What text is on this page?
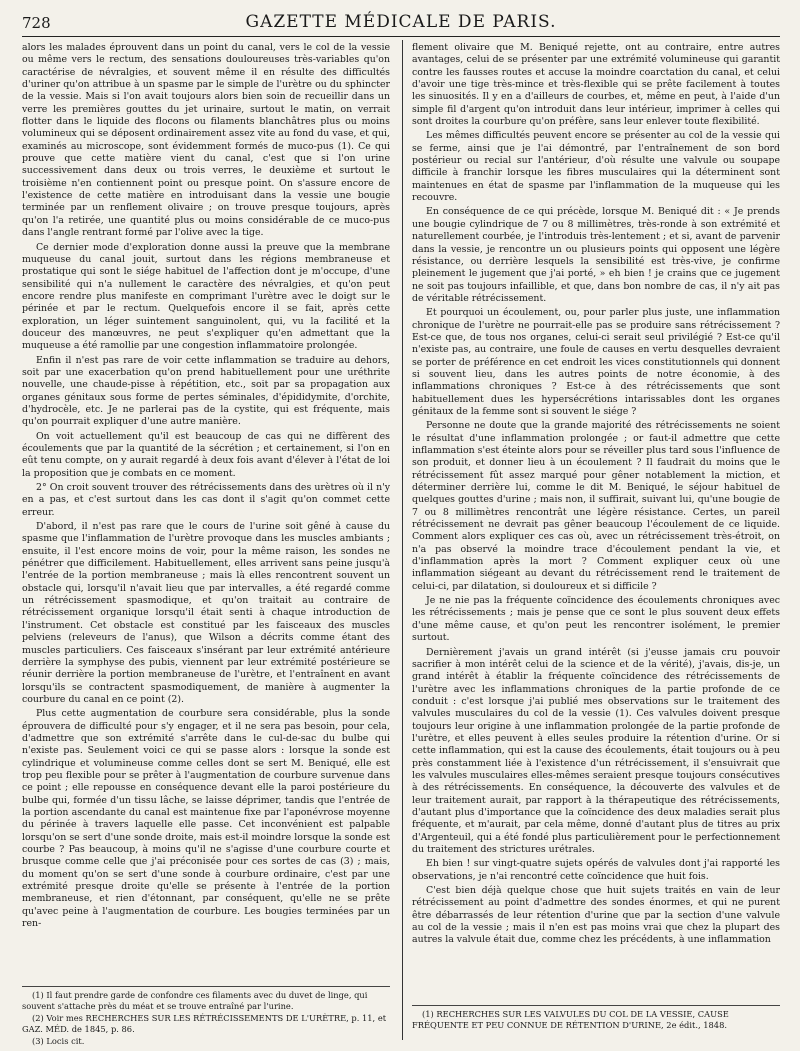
728	GAZETTE MÉDICALE DE PARIS.

alors les malades éprouvent dans un point du canal, vers le col de la vessie ou même vers le rectum, des sensations douloureuses très-variables qu'on caractérise de névralgies, et souvent même il en résulte des difficultés d'uriner qu'on attribue à un spasme par le simple de l'urètre ou du sphincter de la vessie. Mais si l'on avait toujours alors bien soin de recueillir dans un verre les premières gouttes du jet urinaire, surtout le matin, on verrait flotter dans le liquide des flocons ou filaments blanchâtres plus ou moins volumineux qui se déposent ordinairement assez vite au fond du vase, et qui, examinés au microscope, sont évidemment formés de muco-pus (1). Ce qui prouve que cette matière vient du canal, c'est que si l'on urine successivement dans deux ou trois verres, le deuxième et surtout le troisième n'en contiennent point ou presque point. On s'assure encore de l'existence de cette matière en introduisant dans la vessie une bougie terminée par un renflement olivaire ; on trouve presque toujours, après qu'on l'a retirée, une quantité plus ou moins considérable de ce muco-pus dans l'angle rentrant formé par l'olive avec la tige.

Ce dernier mode d'exploration donne aussi la preuve que la membrane muqueuse du canal jouit, surtout dans les régions membraneuse et prostatique qui sont le siége habituel de l'affection dont je m'occupe, d'une sensibilité qui n'a nullement le caractère des névralgies, et qu'on peut encore rendre plus manifeste en comprimant l'urètre avec le doigt sur le périnée et par le rectum. Quelquefois encore il se fait, après cette exploration, un léger suintement sanguinolent, qui, vu la facilité et la douceur des manœuvres, ne peut s'expliquer qu'en admettant que la muqueuse a été ramollie par une congestion inflammatoire prolongée.

Enfin il n'est pas rare de voir cette inflammation se traduire au dehors, soit par une exacerbation qu'on prend habituellement pour une uréthrite nouvelle, une chaude-pisse à répétition, etc., soit par sa propagation aux organes génitaux sous forme de pertes séminales, d'épididymite, d'orchite, d'hydrocèle, etc. Je ne parlerai pas de la cystite, qui est fréquente, mais qu'on pourrait expliquer d'une autre manière.

On voit actuellement qu'il est beaucoup de cas qui ne diffèrent des écoulements que par la quantité de la sécrétion ; et certainement, si l'on en eût tenu compte, on y aurait regardé à deux fois avant d'élever à l'état de loi la proposition que je combats en ce moment.

2° On croit souvent trouver des rétrécissements dans des urètres où il n'y en a pas, et c'est surtout dans les cas dont il s'agit qu'on commet cette erreur.

D'abord, il n'est pas rare que le cours de l'urine soit gêné à cause du spasme que l'inflammation de l'urètre provoque dans les muscles ambiants ; ensuite, il l'est encore moins de voir, pour la même raison, les sondes ne pénétrer que difficilement. Habituellement, elles arrivent sans peine jusqu'à l'entrée de la portion membraneuse ; mais là elles rencontrent souvent un obstacle qui, lorsqu'il n'avait lieu que par intervalles, a été regardé comme un rétrécissement spasmodique, et qu'on traitait au contraire de rétrécissement organique lorsqu'il était senti à chaque introduction de l'instrument. Cet obstacle est constitué par les faisceaux des muscles pelviens (releveurs de l'anus), que Wilson a décrits comme étant des muscles particuliers. Ces faisceaux s'insérant par leur extrémité antérieure derrière la symphyse des pubis, viennent par leur extrémité postérieure se réunir derrière la portion membraneuse de l'urètre, et l'entraînent en avant lorsqu'ils se contractent spasmodiquement, de manière à augmenter la courbure du canal en ce point (2).

Plus cette augmentation de courbure sera considérable, plus la sonde éprouvera de difficulté pour s'y engager, et il ne sera pas besoin, pour cela, d'admettre que son extrémité s'arrête dans le cul-de-sac du bulbe qui n'existe pas. Seulement voici ce qui se passe alors : lorsque la sonde est cylindrique et volumineuse comme celles dont se sert M. Beniqué, elle est trop peu flexible pour se prêter à l'augmentation de courbure survenue dans ce point ; elle repousse en conséquence devant elle la paroi postérieure du bulbe qui, formée d'un tissu lâche, se laisse déprimer, tandis que l'entrée de la portion ascendante du canal est maintenue fixe par l'aponévrose moyenne du périnée à travers laquelle elle passe. Cet inconvénient est palpable lorsqu'on se sert d'une sonde droite, mais est-il moindre lorsque la sonde est courbe ? Pas beaucoup, à moins qu'il ne s'agisse d'une courbure courte et brusque comme celle que j'ai préconisée pour ces sortes de cas (3) ; mais, du moment qu'on se sert d'une sonde à courbure ordinaire, c'est par une extrémité presque droite qu'elle se présente à l'entrée de la portion membraneuse, et rien d'étonnant, par conséquent, qu'elle ne se prête qu'avec peine à l'augmentation de courbure. Les bougies terminées par un ren-

flement olivaire que M. Beniqué rejette, ont au contraire, entre autres avantages, celui de se présenter par une extrémité volumineuse qui garantit contre les fausses routes et accuse la moindre coarctation du canal, et celui d'avoir une tige très-mince et très-flexible qui se prête facilement à toutes les sinuosités. Il y en a d'ailleurs de courbes, et, même en peut, à l'aide d'un simple fil d'argent qu'on introduit dans leur intérieur, imprimer à celles qui sont droites la courbure qu'on préfère, sans leur enlever toute flexibilité.

Les mêmes difficultés peuvent encore se présenter au col de la vessie qui se ferme, ainsi que je l'ai démontré, par l'entraînement de son bord postérieur ou recial sur l'antérieur, d'où résulte une valvule ou soupape difficile à franchir lorsque les fibres musculaires qui la déterminent sont maintenues en état de spasme par l'inflammation de la muqueuse qui les recouvre.

En conséquence de ce qui précède, lorsque M. Beniqué dit : « Je prends une bougie cylindrique de 7 ou 8 millimètres, très-ronde à son extrémité et naturellement courbée, je l'introduis très-lentement ; et si, avant de parvenir dans la vessie, je rencontre un ou plusieurs points qui opposent une légère résistance, ou derrière lesquels la sensibilité est très-vive, je confirme pleinement le jugement que j'ai porté, » eh bien ! je crains que ce jugement ne soit pas toujours infaillible, et que, dans bon nombre de cas, il n'y ait pas de véritable rétrécissement.

Et pourquoi un écoulement, ou, pour parler plus juste, une inflammation chronique de l'urètre ne pourrait-elle pas se produire sans rétrécissement ? Est-ce que, de tous nos organes, celui-ci serait seul privilégié ? Est-ce qu'il n'existe pas, au contraire, une foule de causes en vertu desquelles devraient se porter de préférence en cet endroit les vices constitutionnels qui donnent si souvent lieu, dans les autres points de notre économie, à des inflammations chroniques ? Est-ce à des rétrécissements que sont habituellement dues les hypersécrétions intarissables dont les organes génitaux de la femme sont si souvent le siége ?

Personne ne doute que la grande majorité des rétrécissements ne soient le résultat d'une inflammation prolongée ; or faut-il admettre que cette inflammation s'est éteinte alors pour se réveiller plus tard sous l'influence de son produit, et donner lieu à un écoulement ? Il faudrait du moins que le rétrécissement fût assez marqué pour gêner notablement la miction, et déterminer derrière lui, comme le dit M. Beniqué, le séjour habituel de quelques gouttes d'urine ; mais non, il suffirait, suivant lui, qu'une bougie de 7 ou 8 millimètres rencontrât une légère résistance. Certes, un pareil rétrécissement ne devrait pas gêner beaucoup l'écoulement de ce liquide. Comment alors expliquer ces cas où, avec un rétrécissement très-étroit, on n'a pas observé la moindre trace d'écoulement pendant la vie, et d'inflammation après la mort ? Comment expliquer ceux où une inflammation siégeant au devant du rétrécissement rend le traitement de celui-ci, par dilatation, si douloureux et si difficile ?

Je ne nie pas la fréquente coïncidence des écoulements chroniques avec les rétrécissements ; mais je pense que ce sont le plus souvent deux effets d'une même cause, et qu'on peut les rencontrer isolément, le premier surtout.

Dernièrement j'avais un grand intérêt (si j'eusse jamais cru pouvoir sacrifier à mon intérêt celui de la science et de la vérité), j'avais, dis-je, un grand intérêt à établir la fréquente coïncidence des rétrécissements de l'urètre avec les inflammations chroniques de la partie profonde de ce conduit : c'est lorsque j'ai publié mes observations sur le traitement des valvules musculaires du col de la vessie (1). Ces valvules doivent presque toujours leur origine à une inflammation prolongée de la partie profonde de l'urètre, et elles peuvent à elles seules produire la rétention d'urine. Or si cette inflammation, qui est la cause des écoulements, était toujours ou à peu près constamment liée à l'existence d'un rétrécissement, il s'ensuivrait que les valvules musculaires elles-mêmes seraient presque toujours consécutives à des rétrécissements. En conséquence, la découverte des valvules et de leur traitement aurait, par rapport à la thérapeutique des rétrécissements, d'autant plus d'importance que la coïncidence des deux maladies serait plus fréquente, et m'aurait, par cela même, donné d'autant plus de titres au prix d'Argenteuil, qui a été fondé plus particulièrement pour le perfectionnement du traitement des strictures urétrales.

Eh bien ! sur vingt-quatre sujets opérés de valvules dont j'ai rapporté les observations, je n'ai rencontré cette coïncidence que huit fois.

C'est bien déjà quelque chose que huit sujets traités en vain de leur rétrécissement au point d'admettre des sondes énormes, et qui ne purent être débarrassés de leur rétention d'urine que par la section d'une valvule au col de la vessie ; mais il n'en est pas moins vrai que chez la plupart des autres la valvule était due, comme chez les précédents, à une inflammation

(1) Il faut prendre garde de confondre ces filaments avec du duvet de linge, qui souvent s'attache près du méat et se trouve entraîné par l'urine.
(2) Voir mes RECHERCHES SUR LES RÉTRÉCISSEMENTS DE L'URÈTRE, p. 11, et GAZ. MÉD. de 1845, p. 86.
(3) Locis cit.
(1) RECHERCHES SUR LES VALVULES DU COL DE LA VESSIE, CAUSE FRÉQUENTE ET PEU CONNUE DE RÉTENTION D'URINE, 2e édit., 1848.
